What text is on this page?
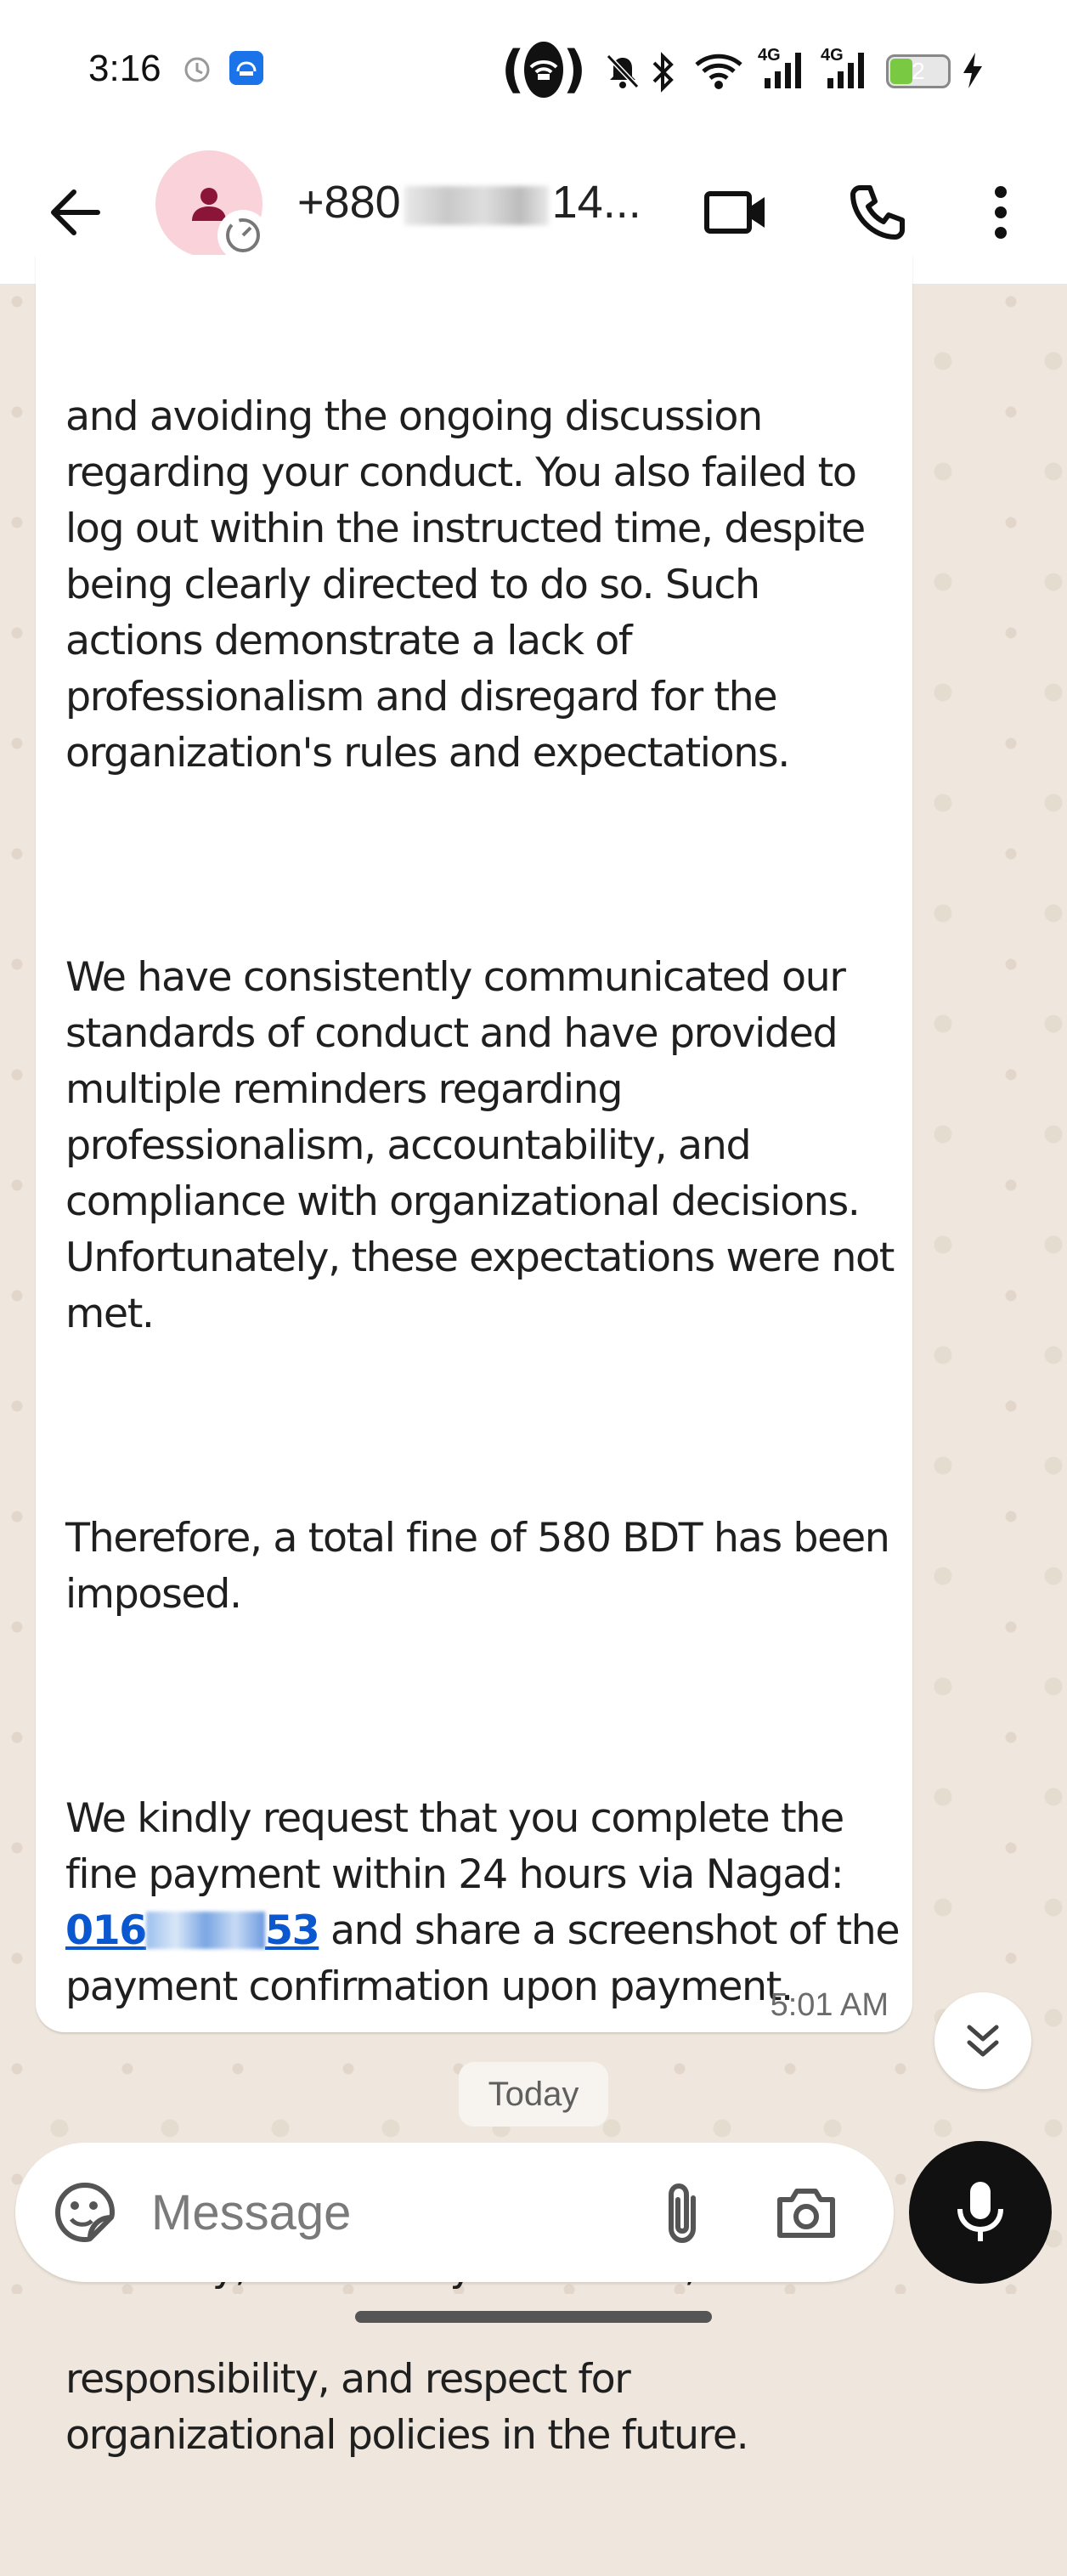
3:16	( )	4G 4G
2
+880	14...

and avoiding the ongoing discussion regarding your conduct. You also failed to log out within the instructed time, despite being clearly directed to do so. Such actions demonstrate a lack of professionalism and disregard for the organization's rules and expectations.

We have consistently communicated our standards of conduct and have provided multiple reminders regarding professionalism, accountability, and compliance with organizational decisions. Unfortunately, these expectations were not met.

Therefore, a total fine of 580 BDT has been imposed.

We kindly request that you complete the fine payment within 24 hours via Nagad: 016	53 and share a screenshot of the payment confirmation upon payment.

responsibility, and respect for organizational policies in the future.

5:01 AM
Today
Message
